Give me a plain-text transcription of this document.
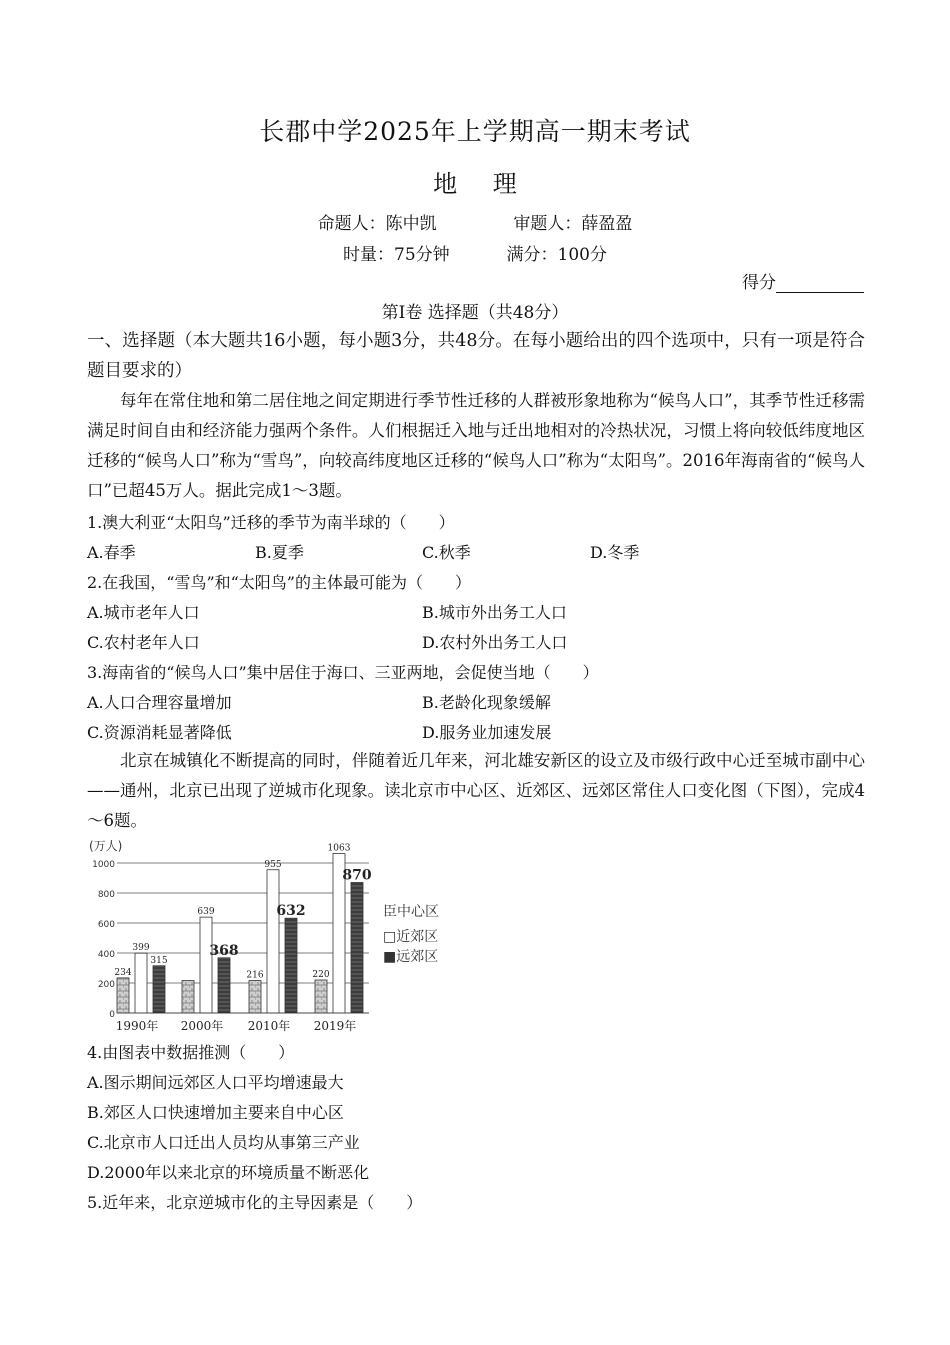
长郡中学2025年上学期高一期末考试
地 理
命题人：陈中凯	审题人：薛盈盈
时量：75分钟	满分：100分
得分
第Ⅰ卷 选择题（共48分）
一、选择题（本大题共16小题，每小题3分，共48分。在每小题给出的四个选项中，只有一项是符合题目要求的）
每年在常住地和第二居住地之间定期进行季节性迁移的人群被形象地称为“候鸟人口”，其季节性迁移需满足时间自由和经济能力强两个条件。人们根据迁入地与迁出地相对的冷热状况，习惯上将向较低纬度地区迁移的“候鸟人口”称为“雪鸟”，向较高纬度地区迁移的“候鸟人口”称为“太阳鸟”。2016年海南省的“候鸟人口”已超45万人。据此完成1～3题。
1.澳大利亚“太阳鸟”迁移的季节为南半球的（　　）
A.春季	B.夏季	C.秋季	D.冬季
2.在我国，“雪鸟”和“太阳鸟”的主体最可能为（　　）
A.城市老年人口	B.城市外出务工人口
C.农村老年人口	D.农村外出务工人口
3.海南省的“候鸟人口”集中居住于海口、三亚两地，会促使当地（　　）
A.人口合理容量增加	B.老龄化现象缓解
C.资源消耗显著降低	D.服务业加速发展
北京在城镇化不断提高的同时，伴随着近几年来，河北雄安新区的设立及市级行政中心迁至城市副中心——通州，北京已出现了逆城市化现象。读北京市中心区、近郊区、远郊区常住人口变化图（下图），完成4～6题。
(万人)
1000
800
600
400
200
0
234
399
315
1990年
639
368
2000年
216
955
632
2010年
220
1063
870
2019年
臣中心区
□近郊区
■远郊区
4.由图表中数据推测（　　）
A.图示期间远郊区人口平均增速最大
B.郊区人口快速增加主要来自中心区
C.北京市人口迁出人员均从事第三产业
D.2000年以来北京的环境质量不断恶化
5.近年来，北京逆城市化的主导因素是（　　）
